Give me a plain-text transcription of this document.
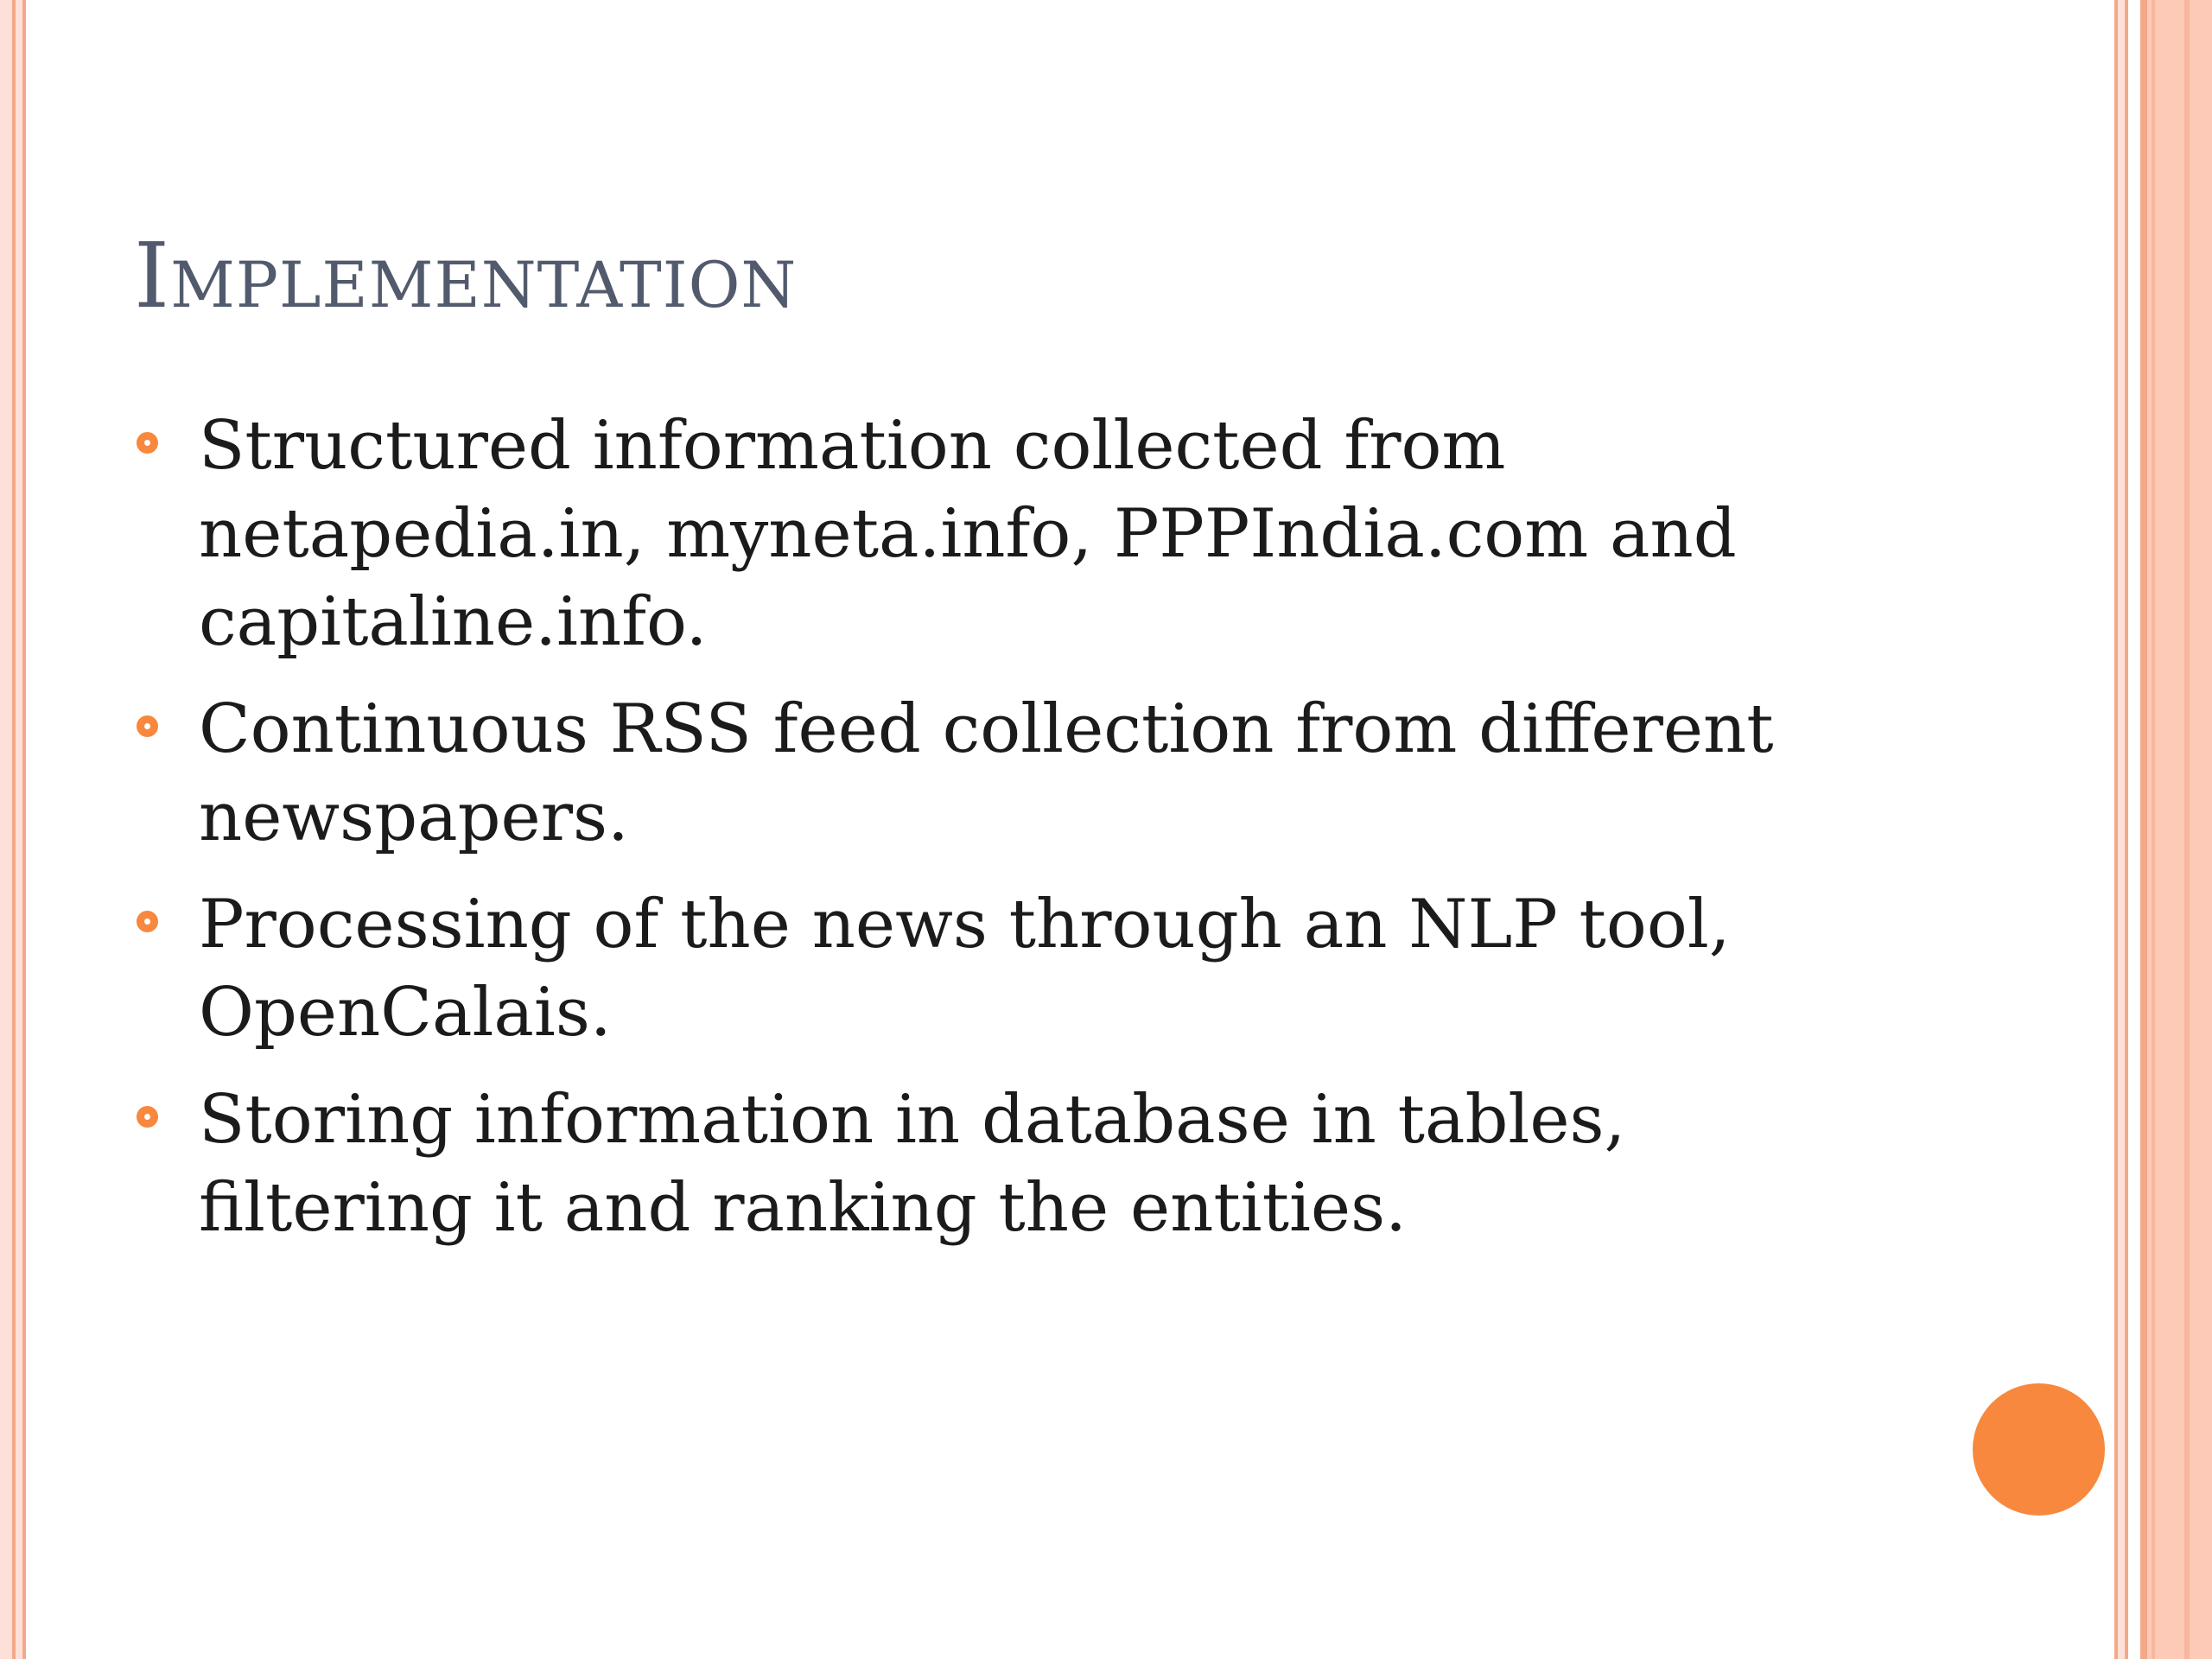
Implementation
Structured information collected from netapedia.in, myneta.info, PPPIndia.com and capitaline.info.
Continuous RSS feed collection from different newspapers.
Processing of the news through an NLP tool, OpenCalais.
Storing information in database in tables, filtering it and ranking the entities.
